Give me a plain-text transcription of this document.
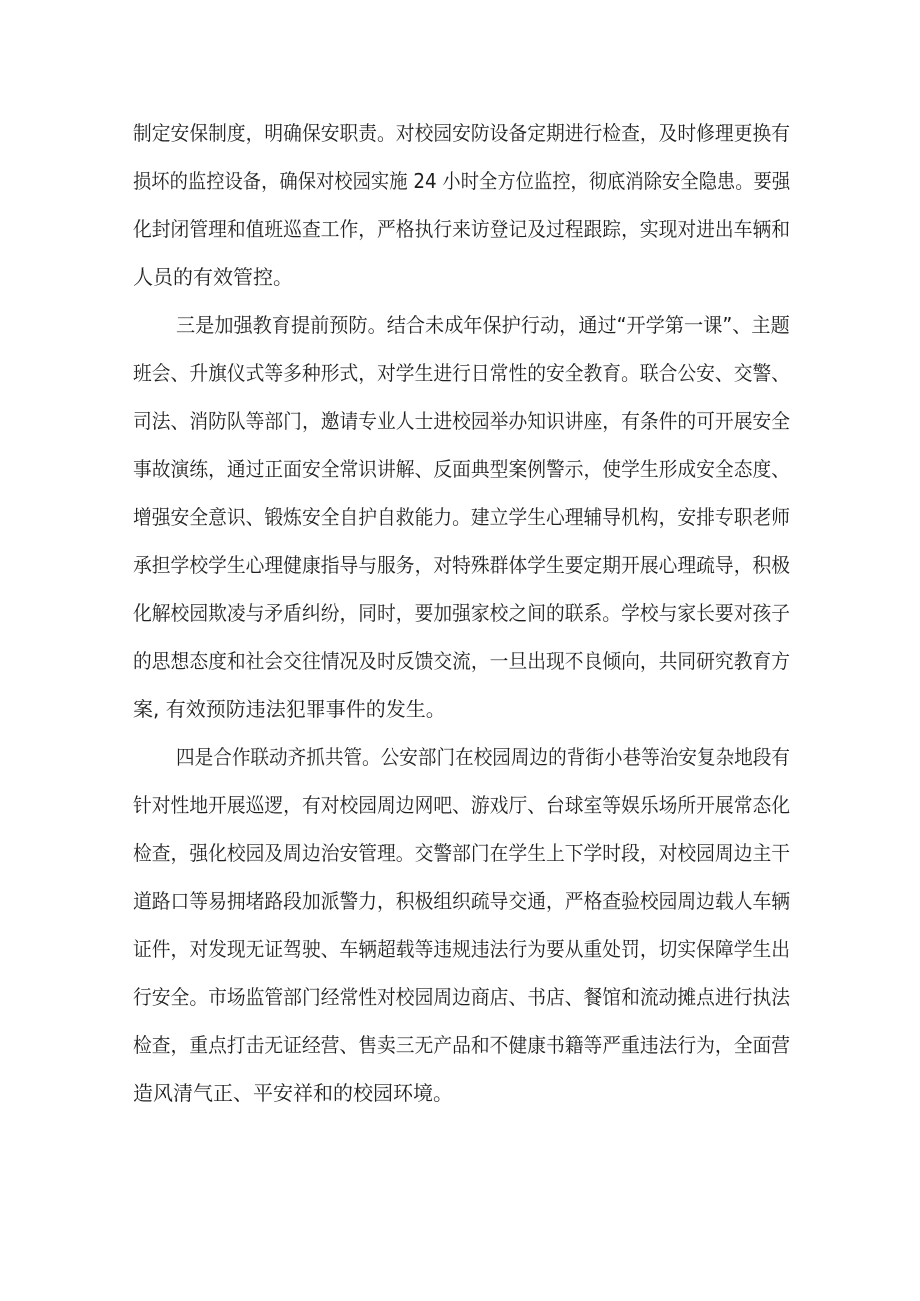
制定安保制度，明确保安职责。对校园安防设备定期进行检查，及时修理更换有
损坏的监控设备，确保对校园实施 24 小时全方位监控，彻底消除安全隐患。要强
化封闭管理和值班巡查工作，严格执行来访登记及过程跟踪，实现对进出车辆和
人员的有效管控。
三是加强教育提前预防。结合未成年保护行动，通过“开学第一课”、主题
班会、升旗仪式等多种形式，对学生进行日常性的安全教育。联合公安、交警、
司法、消防队等部门，邀请专业人士进校园举办知识讲座，有条件的可开展安全
事故演练，通过正面安全常识讲解、反面典型案例警示，使学生形成安全态度、
增强安全意识、锻炼安全自护自救能力。建立学生心理辅导机构，安排专职老师
承担学校学生心理健康指导与服务，对特殊群体学生要定期开展心理疏导，积极
化解校园欺凌与矛盾纠纷，同时，要加强家校之间的联系。学校与家长要对孩子
的思想态度和社会交往情况及时反馈交流，一旦出现不良倾向，共同研究教育方
案, 有效预防违法犯罪事件的发生。
四是合作联动齐抓共管。公安部门在校园周边的背街小巷等治安复杂地段有
针对性地开展巡逻，有对校园周边网吧、游戏厅、台球室等娱乐场所开展常态化
检查，强化校园及周边治安管理。交警部门在学生上下学时段，对校园周边主干
道路口等易拥堵路段加派警力，积极组织疏导交通，严格查验校园周边载人车辆
证件，对发现无证驾驶、车辆超载等违规违法行为要从重处罚，切实保障学生出
行安全。市场监管部门经常性对校园周边商店、书店、餐馆和流动摊点进行执法
检查，重点打击无证经营、售卖三无产品和不健康书籍等严重违法行为，全面营
造风清气正、平安祥和的校园环境。
